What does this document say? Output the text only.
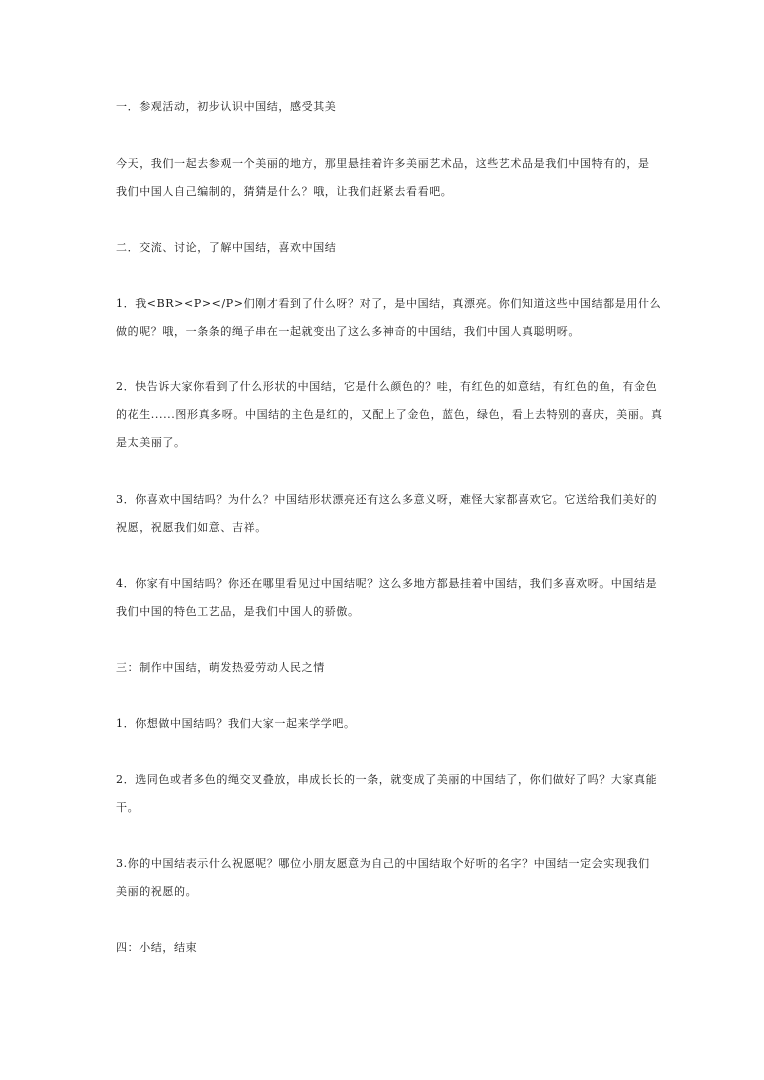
一．参观活动，初步认识中国结，感受其美
今天，我们一起去参观一个美丽的地方，那里悬挂着许多美丽艺术品，这些艺术品是我们中国特有的，是
我们中国人自己编制的，猜猜是什么？哦，让我们赶紧去看看吧。
二．交流、讨论，了解中国结，喜欢中国结
1．我<BR><P></P>们刚才看到了什么呀？对了，是中国结，真漂亮。你们知道这些中国结都是用什么
做的呢？哦，一条条的绳子串在一起就变出了这么多神奇的中国结，我们中国人真聪明呀。
2．快告诉大家你看到了什么形状的中国结，它是什么颜色的？哇，有红色的如意结，有红色的鱼，有金色
的花生......图形真多呀。中国结的主色是红的，又配上了金色，蓝色，绿色，看上去特别的喜庆，美丽。真
是太美丽了。
3．你喜欢中国结吗？为什么？中国结形状漂亮还有这么多意义呀，难怪大家都喜欢它。它送给我们美好的
祝愿，祝愿我们如意、吉祥。
4．你家有中国结吗？你还在哪里看见过中国结呢？这么多地方都悬挂着中国结，我们多喜欢呀。中国结是
我们中国的特色工艺品，是我们中国人的骄傲。
三：制作中国结，萌发热爱劳动人民之情
1．你想做中国结吗？我们大家一起来学学吧。
2．选同色或者多色的绳交叉叠放，串成长长的一条，就变成了美丽的中国结了，你们做好了吗？大家真能
干。
3.你的中国结表示什么祝愿呢？哪位小朋友愿意为自己的中国结取个好听的名字？中国结一定会实现我们
美丽的祝愿的。
四：小结，结束
